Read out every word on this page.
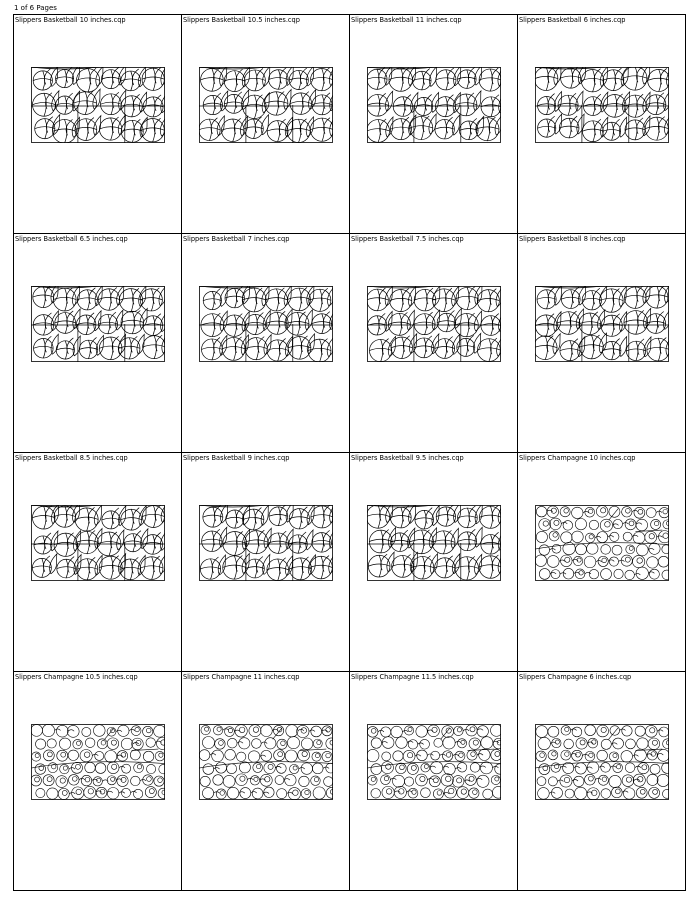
1 of 6 Pages
Slippers Basketball 10 inches.cqp	Slippers Basketball 10.5 inches.cqp	Slippers Basketball 11 inches.cqp	Slippers Basketball 6 inches.cqp
Slippers Basketball 6.5 inches.cqp	Slippers Basketball 7 inches.cqp	Slippers Basketball 7.5 inches.cqp	Slippers Basketball 8 inches.cqp
Slippers Basketball 8.5 inches.cqp	Slippers Basketball 9 inches.cqp	Slippers Basketball 9.5 inches.cqp	Slippers Champagne 10 inches.cqp
Slippers Champagne 10.5 inches.cqp	Slippers Champagne 11 inches.cqp	Slippers Champagne 11.5 inches.cqp	Slippers Champagne 6 inches.cqp
